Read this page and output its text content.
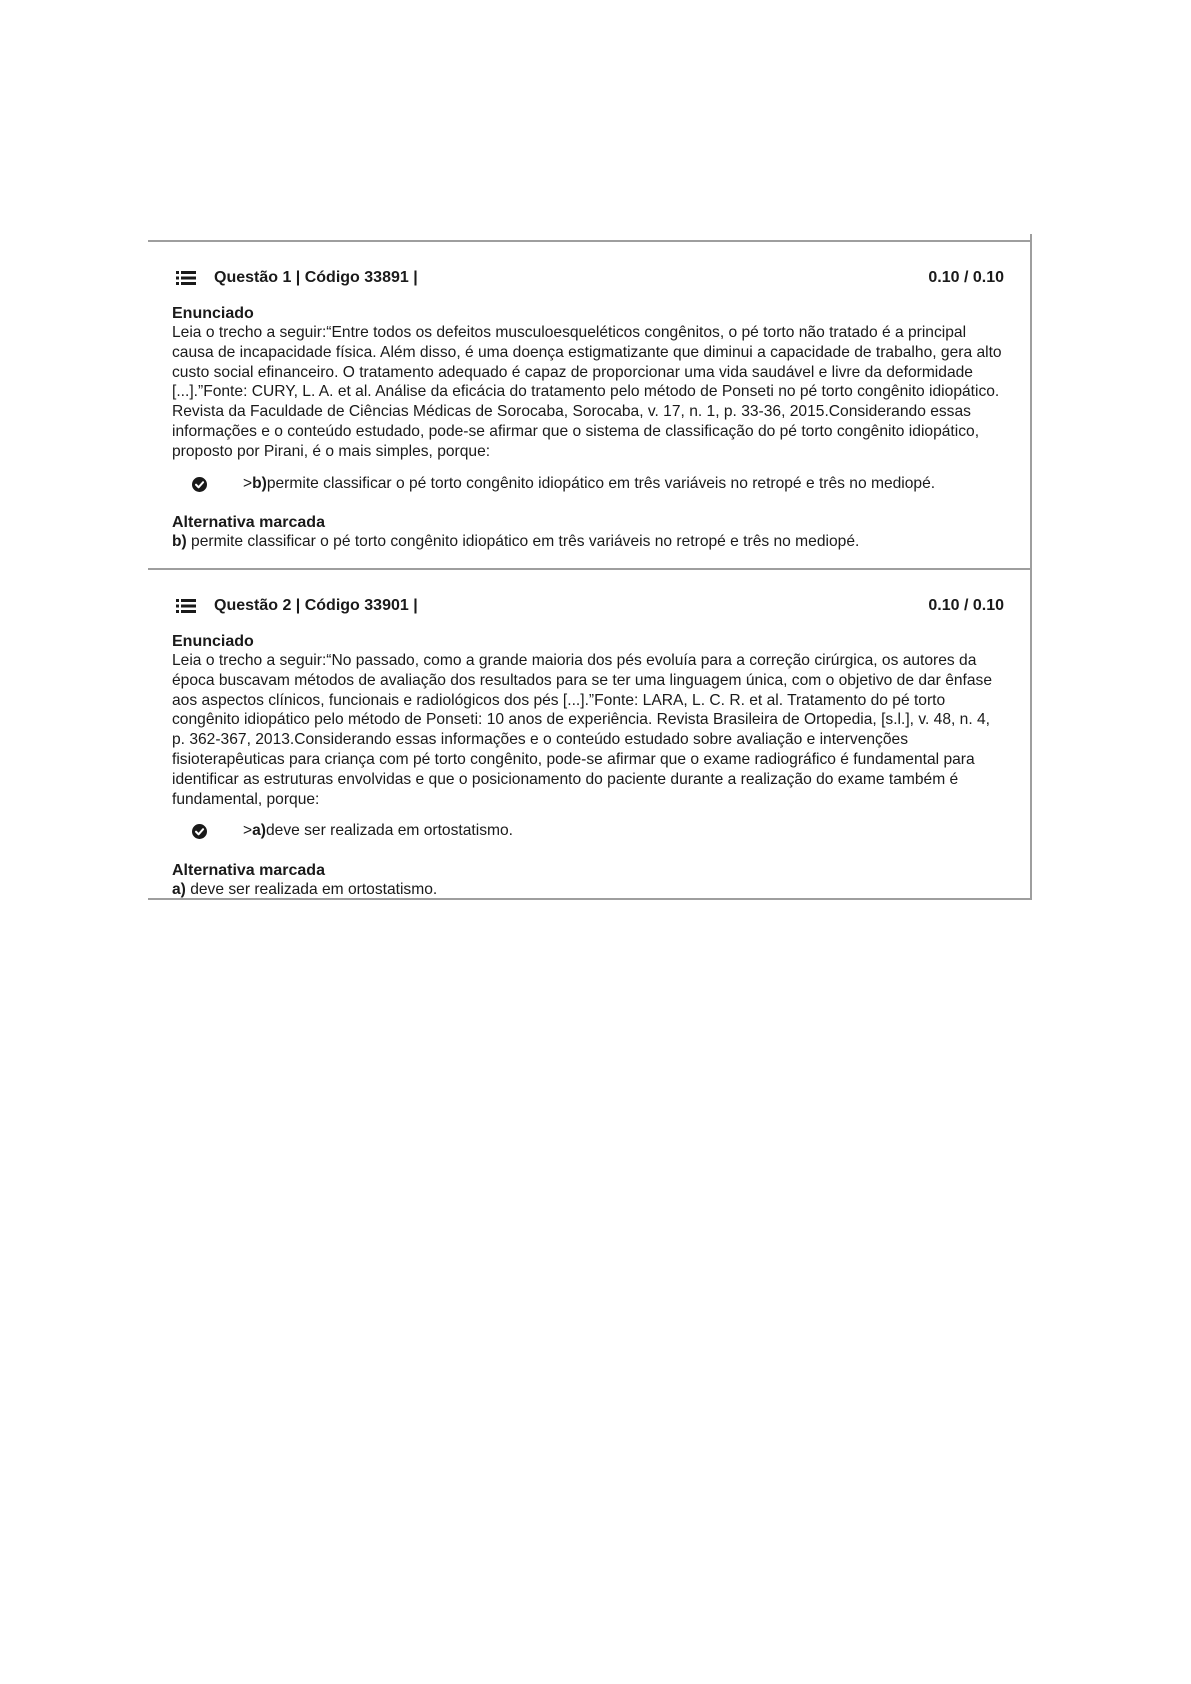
Questão 1 | Código 33891 |	0.10 / 0.10
Enunciado

Leia o trecho a seguir:“Entre todos os defeitos musculoesqueléticos congênitos, o pé torto não tratado é a principal causa de incapacidade física. Além disso, é uma doença estigmatizante que diminui a capacidade de trabalho, gera alto custo social efinanceiro. O tratamento adequado é capaz de proporcionar uma vida saudável e livre da deformidade [...].”Fonte: CURY, L. A. et al. Análise da eficácia do tratamento pelo método de Ponseti no pé torto congênito idiopático. Revista da Faculdade de Ciências Médicas de Sorocaba, Sorocaba, v. 17, n. 1, p. 33-36, 2015.Considerando essas informações e o conteúdo estudado, pode-se afirmar que o sistema de classificação do pé torto congênito idiopático, proposto por Pirani, é o mais simples, porque:

>b)permite classificar o pé torto congênito idiopático em três variáveis no retropé e três no mediopé.
Alternativa marcada
b) permite classificar o pé torto congênito idiopático em três variáveis no retropé e três no mediopé.
Questão 2 | Código 33901 |	0.10 / 0.10
Enunciado

Leia o trecho a seguir:“No passado, como a grande maioria dos pés evoluía para a correção cirúrgica, os autores da época buscavam métodos de avaliação dos resultados para se ter uma linguagem única, com o objetivo de dar ênfase aos aspectos clínicos, funcionais e radiológicos dos pés [...].”Fonte: LARA, L. C. R. et al. Tratamento do pé torto congênito idiopático pelo método de Ponseti: 10 anos de experiência. Revista Brasileira de Ortopedia, [s.l.], v. 48, n. 4, p. 362-367, 2013.Considerando essas informações e o conteúdo estudado sobre avaliação e intervenções fisioterapêuticas para criança com pé torto congênito, pode-se afirmar que o exame radiográfico é fundamental para identificar as estruturas envolvidas e que o posicionamento do paciente durante a realização do exame também é fundamental, porque:

>a)deve ser realizada em ortostatismo.
Alternativa marcada
a) deve ser realizada em ortostatismo.
